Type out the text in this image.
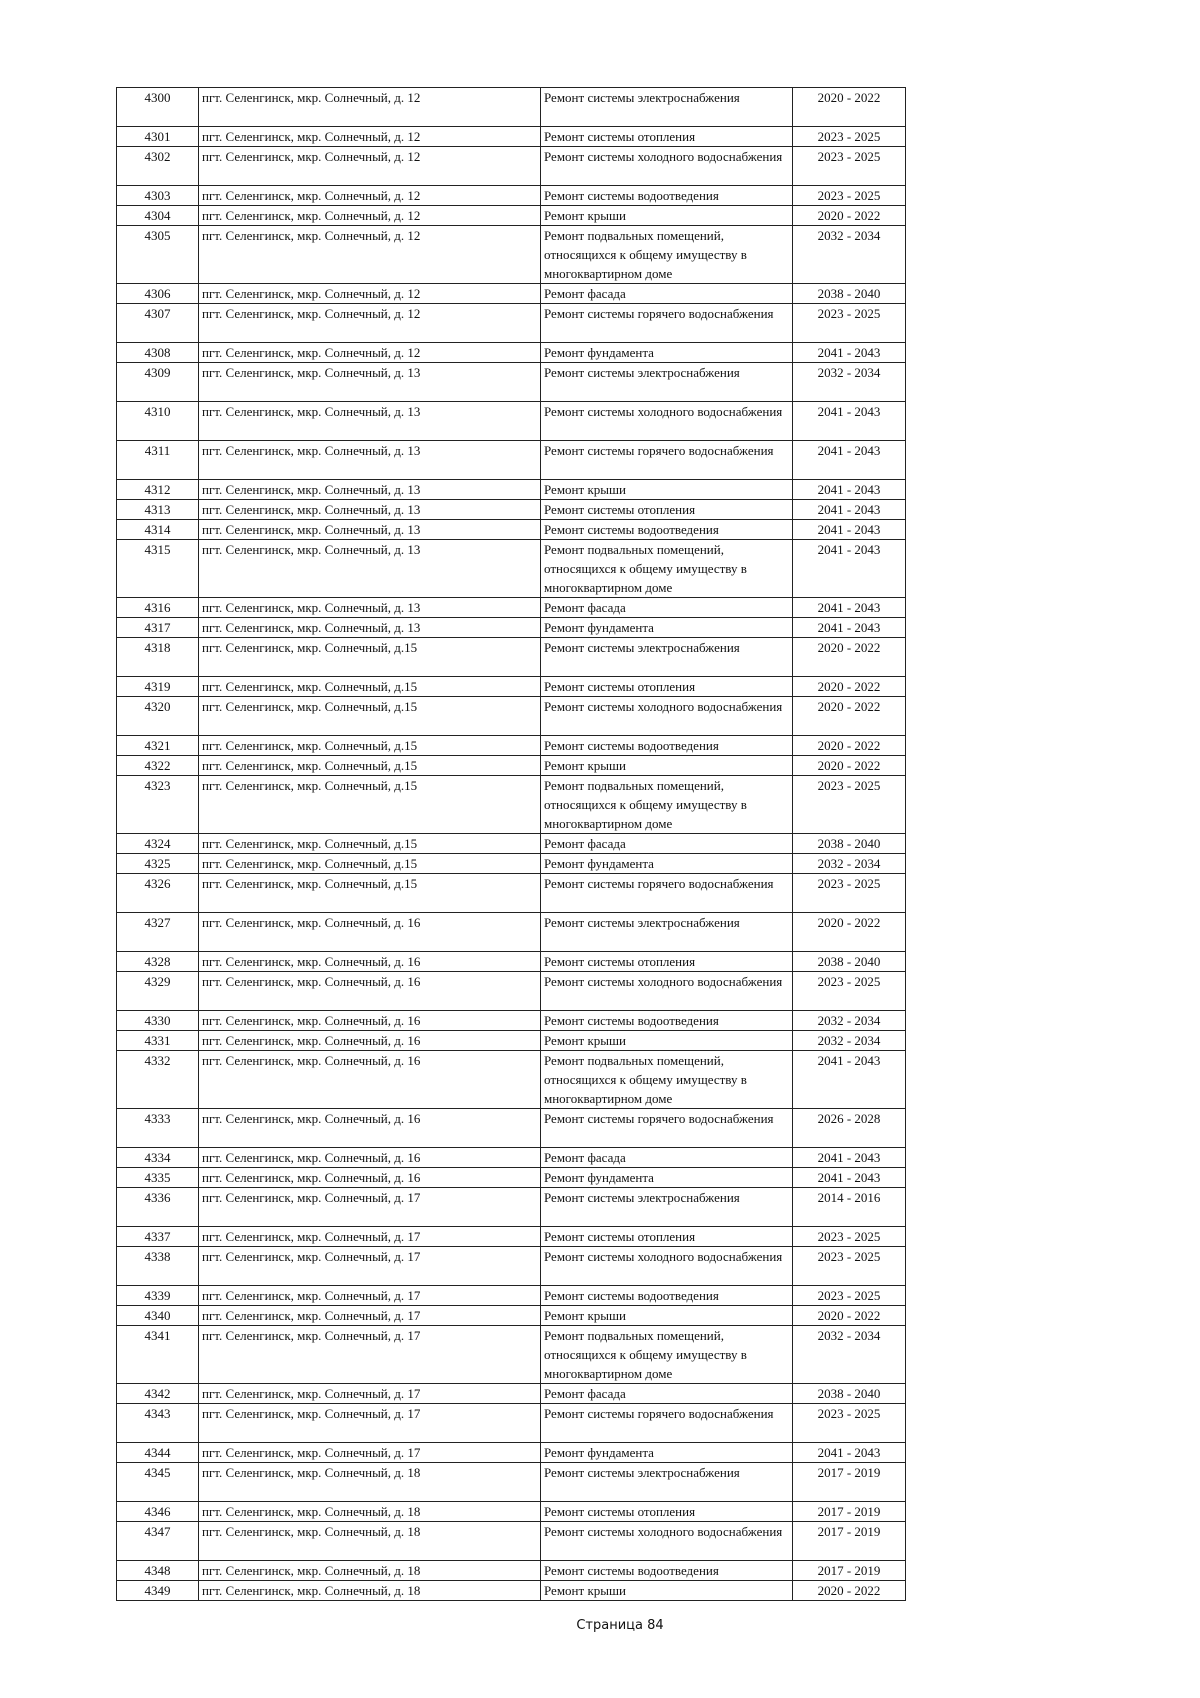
4300	пгт. Селенгинск, мкр. Солнечный, д. 12	Ремонт системы электроснабжения	2020 - 2022
4301	пгт. Селенгинск, мкр. Солнечный, д. 12	Ремонт системы отопления	2023 - 2025
4302	пгт. Селенгинск, мкр. Солнечный, д. 12	Ремонт системы холодного водоснабжения	2023 - 2025
4303	пгт. Селенгинск, мкр. Солнечный, д. 12	Ремонт системы водоотведения	2023 - 2025
4304	пгт. Селенгинск, мкр. Солнечный, д. 12	Ремонт крыши	2020 - 2022
4305	пгт. Селенгинск, мкр. Солнечный, д. 12	Ремонт подвальных помещений, относящихся к общему имуществу в многоквартирном доме	2032 - 2034
4306	пгт. Селенгинск, мкр. Солнечный, д. 12	Ремонт фасада	2038 - 2040
4307	пгт. Селенгинск, мкр. Солнечный, д. 12	Ремонт системы горячего водоснабжения	2023 - 2025
4308	пгт. Селенгинск, мкр. Солнечный, д. 12	Ремонт фундамента	2041 - 2043
4309	пгт. Селенгинск, мкр. Солнечный, д. 13	Ремонт системы электроснабжения	2032 - 2034
4310	пгт. Селенгинск, мкр. Солнечный, д. 13	Ремонт системы холодного водоснабжения	2041 - 2043
4311	пгт. Селенгинск, мкр. Солнечный, д. 13	Ремонт системы горячего водоснабжения	2041 - 2043
4312	пгт. Селенгинск, мкр. Солнечный, д. 13	Ремонт крыши	2041 - 2043
4313	пгт. Селенгинск, мкр. Солнечный, д. 13	Ремонт системы отопления	2041 - 2043
4314	пгт. Селенгинск, мкр. Солнечный, д. 13	Ремонт системы водоотведения	2041 - 2043
4315	пгт. Селенгинск, мкр. Солнечный, д. 13	Ремонт подвальных помещений, относящихся к общему имуществу в многоквартирном доме	2041 - 2043
4316	пгт. Селенгинск, мкр. Солнечный, д. 13	Ремонт фасада	2041 - 2043
4317	пгт. Селенгинск, мкр. Солнечный, д. 13	Ремонт фундамента	2041 - 2043
4318	пгт. Селенгинск, мкр. Солнечный, д.15	Ремонт системы электроснабжения	2020 - 2022
4319	пгт. Селенгинск, мкр. Солнечный, д.15	Ремонт системы отопления	2020 - 2022
4320	пгт. Селенгинск, мкр. Солнечный, д.15	Ремонт системы холодного водоснабжения	2020 - 2022
4321	пгт. Селенгинск, мкр. Солнечный, д.15	Ремонт системы водоотведения	2020 - 2022
4322	пгт. Селенгинск, мкр. Солнечный, д.15	Ремонт крыши	2020 - 2022
4323	пгт. Селенгинск, мкр. Солнечный, д.15	Ремонт подвальных помещений, относящихся к общему имуществу в многоквартирном доме	2023 - 2025
4324	пгт. Селенгинск, мкр. Солнечный, д.15	Ремонт фасада	2038 - 2040
4325	пгт. Селенгинск, мкр. Солнечный, д.15	Ремонт фундамента	2032 - 2034
4326	пгт. Селенгинск, мкр. Солнечный, д.15	Ремонт системы горячего водоснабжения	2023 - 2025
4327	пгт. Селенгинск, мкр. Солнечный, д. 16	Ремонт системы электроснабжения	2020 - 2022
4328	пгт. Селенгинск, мкр. Солнечный, д. 16	Ремонт системы отопления	2038 - 2040
4329	пгт. Селенгинск, мкр. Солнечный, д. 16	Ремонт системы холодного водоснабжения	2023 - 2025
4330	пгт. Селенгинск, мкр. Солнечный, д. 16	Ремонт системы водоотведения	2032 - 2034
4331	пгт. Селенгинск, мкр. Солнечный, д. 16	Ремонт крыши	2032 - 2034
4332	пгт. Селенгинск, мкр. Солнечный, д. 16	Ремонт подвальных помещений, относящихся к общему имуществу в многоквартирном доме	2041 - 2043
4333	пгт. Селенгинск, мкр. Солнечный, д. 16	Ремонт системы горячего водоснабжения	2026 - 2028
4334	пгт. Селенгинск, мкр. Солнечный, д. 16	Ремонт фасада	2041 - 2043
4335	пгт. Селенгинск, мкр. Солнечный, д. 16	Ремонт фундамента	2041 - 2043
4336	пгт. Селенгинск, мкр. Солнечный, д. 17	Ремонт системы электроснабжения	2014 - 2016
4337	пгт. Селенгинск, мкр. Солнечный, д. 17	Ремонт системы отопления	2023 - 2025
4338	пгт. Селенгинск, мкр. Солнечный, д. 17	Ремонт системы холодного водоснабжения	2023 - 2025
4339	пгт. Селенгинск, мкр. Солнечный, д. 17	Ремонт системы водоотведения	2023 - 2025
4340	пгт. Селенгинск, мкр. Солнечный, д. 17	Ремонт крыши	2020 - 2022
4341	пгт. Селенгинск, мкр. Солнечный, д. 17	Ремонт подвальных помещений, относящихся к общему имуществу в многоквартирном доме	2032 - 2034
4342	пгт. Селенгинск, мкр. Солнечный, д. 17	Ремонт фасада	2038 - 2040
4343	пгт. Селенгинск, мкр. Солнечный, д. 17	Ремонт системы горячего водоснабжения	2023 - 2025
4344	пгт. Селенгинск, мкр. Солнечный, д. 17	Ремонт фундамента	2041 - 2043
4345	пгт. Селенгинск, мкр. Солнечный, д. 18	Ремонт системы электроснабжения	2017 - 2019
4346	пгт. Селенгинск, мкр. Солнечный, д. 18	Ремонт системы отопления	2017 - 2019
4347	пгт. Селенгинск, мкр. Солнечный, д. 18	Ремонт системы холодного водоснабжения	2017 - 2019
4348	пгт. Селенгинск, мкр. Солнечный, д. 18	Ремонт системы водоотведения	2017 - 2019
4349	пгт. Селенгинск, мкр. Солнечный, д. 18	Ремонт крыши	2020 - 2022
Страница 84
